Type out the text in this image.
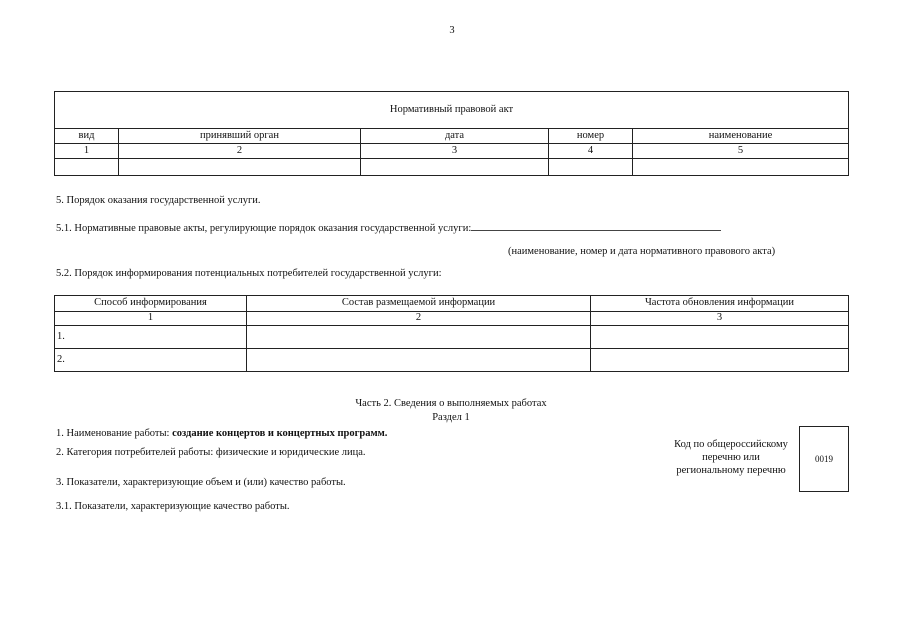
3
Нормативный правовой акт				
вид	принявший орган	дата	номер	наименование
1	2	3	4	5

5. Порядок оказания государственной услуги.
5.1. Нормативные правовые акты, регулирующие порядок оказания государственной услуги:
(наименование, номер и дата нормативного правового акта)
5.2. Порядок информирования потенциальных потребителей государственной услуги:
Способ информирования	Состав размещаемой информации	Частота обновления информации
1	2	3
1.		
2.		
Часть 2. Сведения о выполняемых работах
Раздел 1
1. Наименование работы: создание концертов и концертных программ.
2. Категория потребителей работы: физические и юридические лица.
3. Показатели, характеризующие объем и (или) качество работы.
3.1. Показатели, характеризующие качество работы.
Код по общероссийскому
перечню или
региональному перечню
0019
